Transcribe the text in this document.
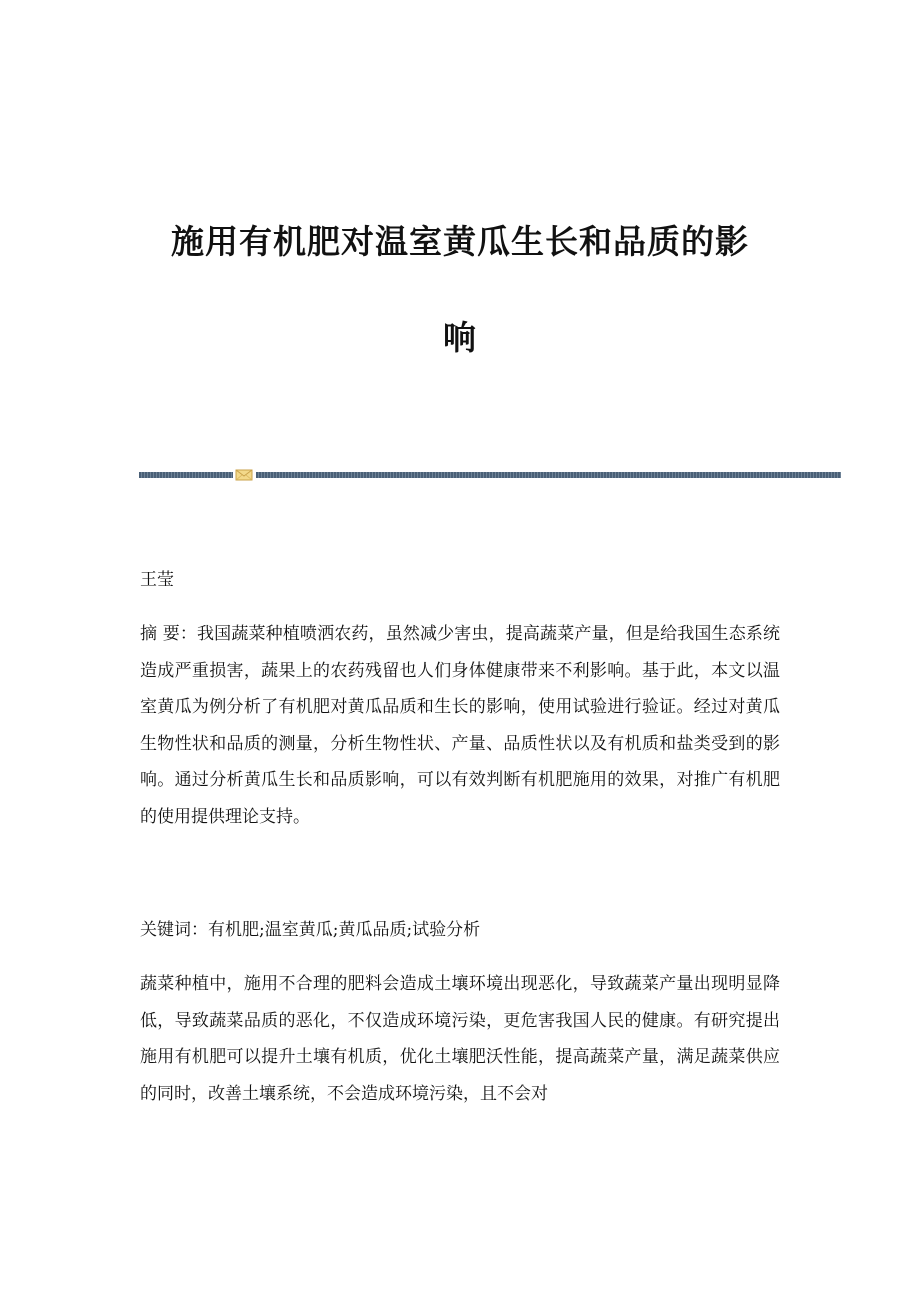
施用有机肥对温室黄瓜生长和品质的影
响

王莹

摘 要：我国蔬菜种植喷洒农药，虽然减少害虫，提高蔬菜产量，但是给我国生态系统造成严重损害，蔬果上的农药残留也人们身体健康带来不利影响。基于此，本文以温室黄瓜为例分析了有机肥对黄瓜品质和生长的影响，使用试验进行验证。经过对黄瓜生物性状和品质的测量，分析生物性状、产量、品质性状以及有机质和盐类受到的影响。通过分析黄瓜生长和品质影响，可以有效判断有机肥施用的效果，对推广有机肥的使用提供理论支持。

关键词：有机肥;温室黄瓜;黄瓜品质;试验分析

蔬菜种植中，施用不合理的肥料会造成土壤环境出现恶化，导致蔬菜产量出现明显降低，导致蔬菜品质的恶化，不仅造成环境污染，更危害我国人民的健康。有研究提出施用有机肥可以提升土壤有机质，优化土壤肥沃性能，提高蔬菜产量，满足蔬菜供应的同时，改善土壤系统，不会造成环境污染，且不会对
